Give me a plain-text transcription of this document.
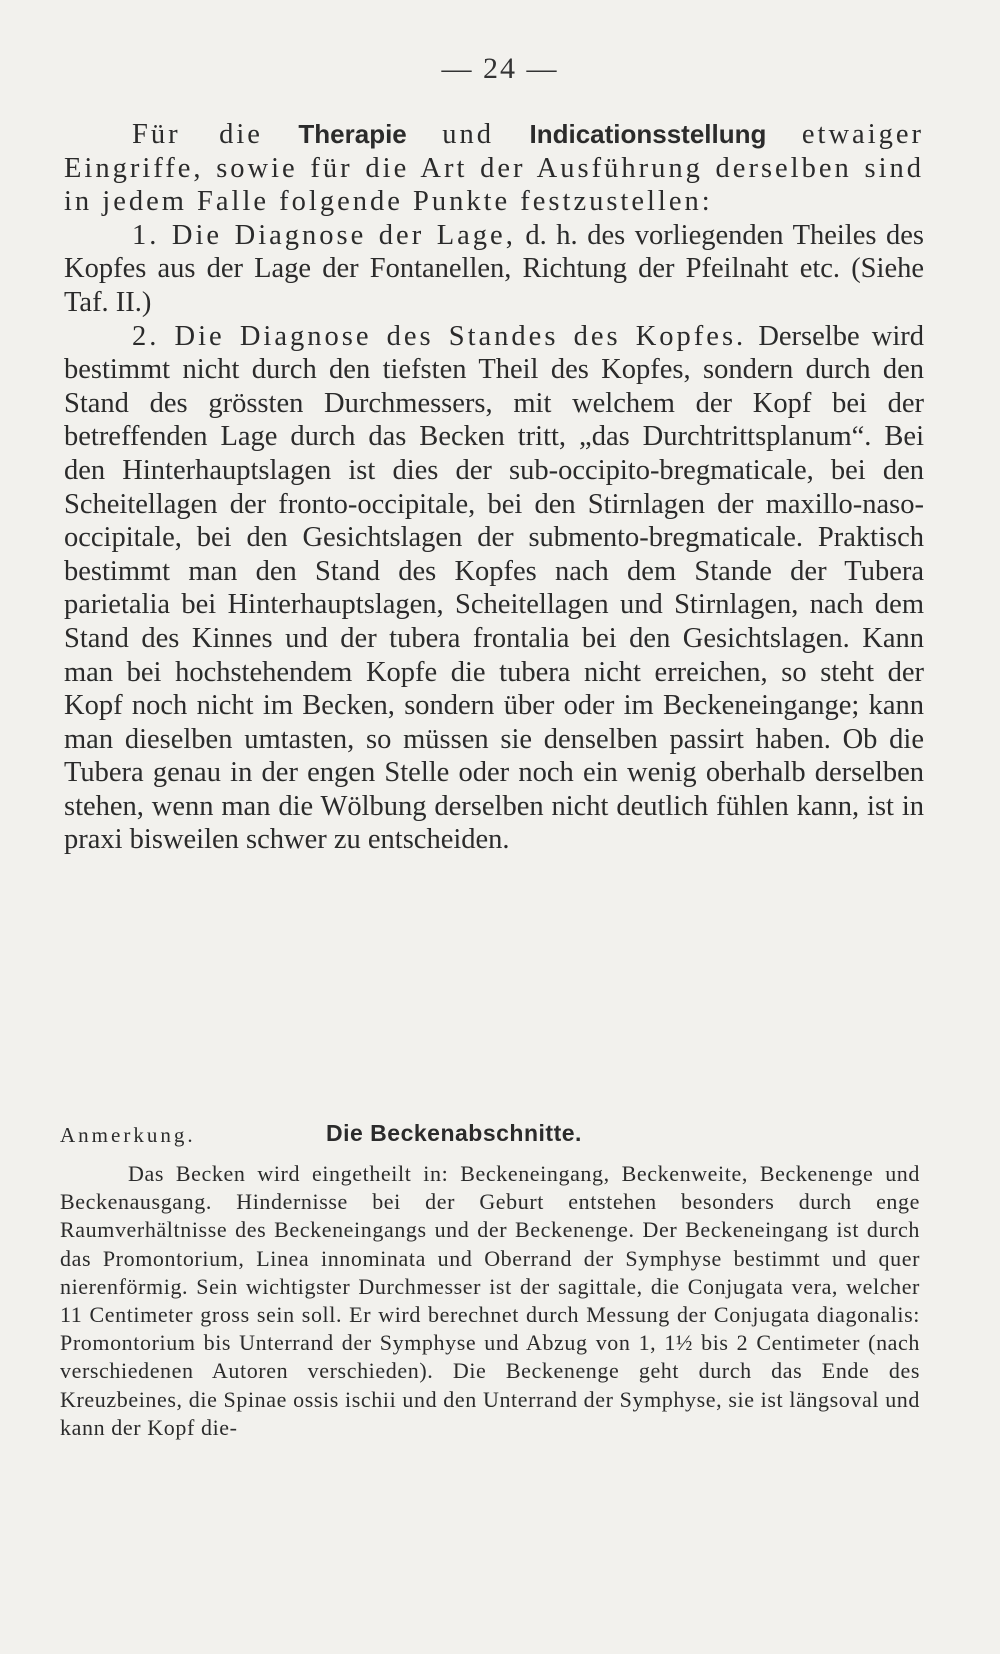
— 24 —

Für die Therapie und Indicationsstellung etwaiger Eingriffe, sowie für die Art der Ausführung derselben sind in jedem Falle folgende Punkte festzustellen:

1. Die Diagnose der Lage, d. h. des vorliegenden Theiles des Kopfes aus der Lage der Fontanellen, Richtung der Pfeilnaht etc. (Siehe Taf. II.)

2. Die Diagnose des Standes des Kopfes. Derselbe wird bestimmt nicht durch den tiefsten Theil des Kopfes, sondern durch den Stand des grössten Durchmessers, mit welchem der Kopf bei der betreffenden Lage durch das Becken tritt, „das Durchtrittsplanum“. Bei den Hinterhauptslagen ist dies der sub-occipito-bregmaticale, bei den Scheitellagen der fronto-occipitale, bei den Stirnlagen der maxillo-naso-occipitale, bei den Gesichtslagen der submento-bregmaticale. Praktisch bestimmt man den Stand des Kopfes nach dem Stande der Tubera parietalia bei Hinterhauptslagen, Scheitellagen und Stirnlagen, nach dem Stand des Kinnes und der tubera frontalia bei den Gesichtslagen. Kann man bei hochstehendem Kopfe die tubera nicht erreichen, so steht der Kopf noch nicht im Becken, sondern über oder im Beckeneingange; kann man dieselben umtasten, so müssen sie denselben passirt haben. Ob die Tubera genau in der engen Stelle oder noch ein wenig oberhalb derselben stehen, wenn man die Wölbung derselben nicht deutlich fühlen kann, ist in praxi bisweilen schwer zu entscheiden.

Anmerkung.	Die Beckenabschnitte.

Das Becken wird eingetheilt in: Beckeneingang, Beckenweite, Beckenenge und Beckenausgang. Hindernisse bei der Geburt entstehen besonders durch enge Raumverhältnisse des Beckeneingangs und der Beckenenge. Der Beckeneingang ist durch das Promontorium, Linea innominata und Oberrand der Symphyse bestimmt und quer nierenförmig. Sein wichtigster Durchmesser ist der sagittale, die Conjugata vera, welcher 11 Centimeter gross sein soll. Er wird berechnet durch Messung der Conjugata diagonalis: Promontorium bis Unterrand der Symphyse und Abzug von 1, 1½ bis 2 Centimeter (nach verschiedenen Autoren verschieden). Die Beckenenge geht durch das Ende des Kreuzbeines, die Spinae ossis ischii und den Unterrand der Symphyse, sie ist längsoval und kann der Kopf die-
